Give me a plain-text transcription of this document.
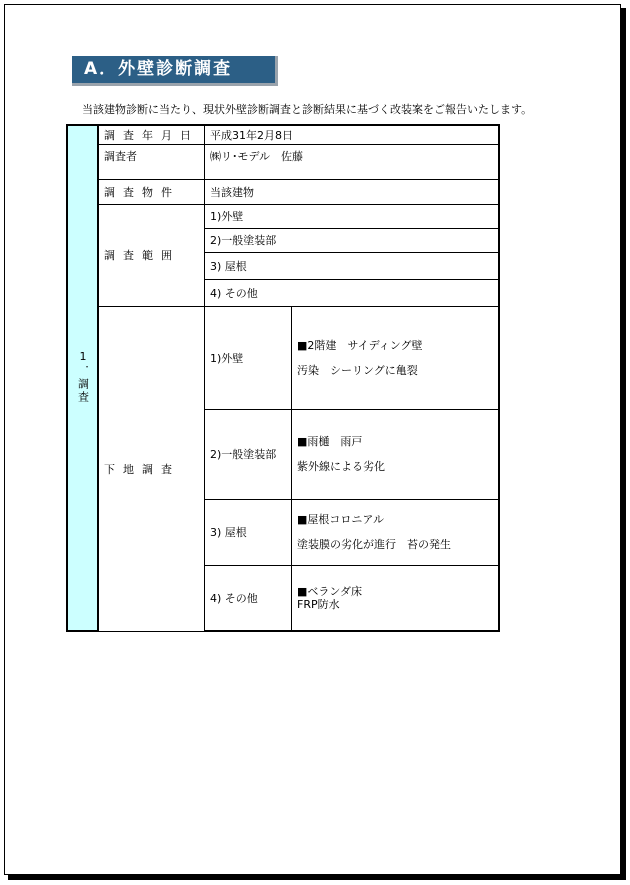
A．外壁診断調査
当該建物診断に当たり、現状外壁診断調査と診断結果に基づく改装案をご報告いたします。
1．調査	調査年月日	平成31年2月8日	
	調査者	㈱リ･モデル　佐藤	
	調査物件	当該建物	
	調査範囲	1)外壁	
		2)一般塗装部	
		3) 屋根	
		4) その他	
	下地調査	1)外壁	■2階建　サイディング壁
汚染　シーリングに亀裂

		2)一般塗装部	■雨樋　雨戸
紫外線による劣化

		3) 屋根	■屋根コロニアル
塗装膜の劣化が進行　苔の発生

		4) その他	■ベランダ床
FRP防水
